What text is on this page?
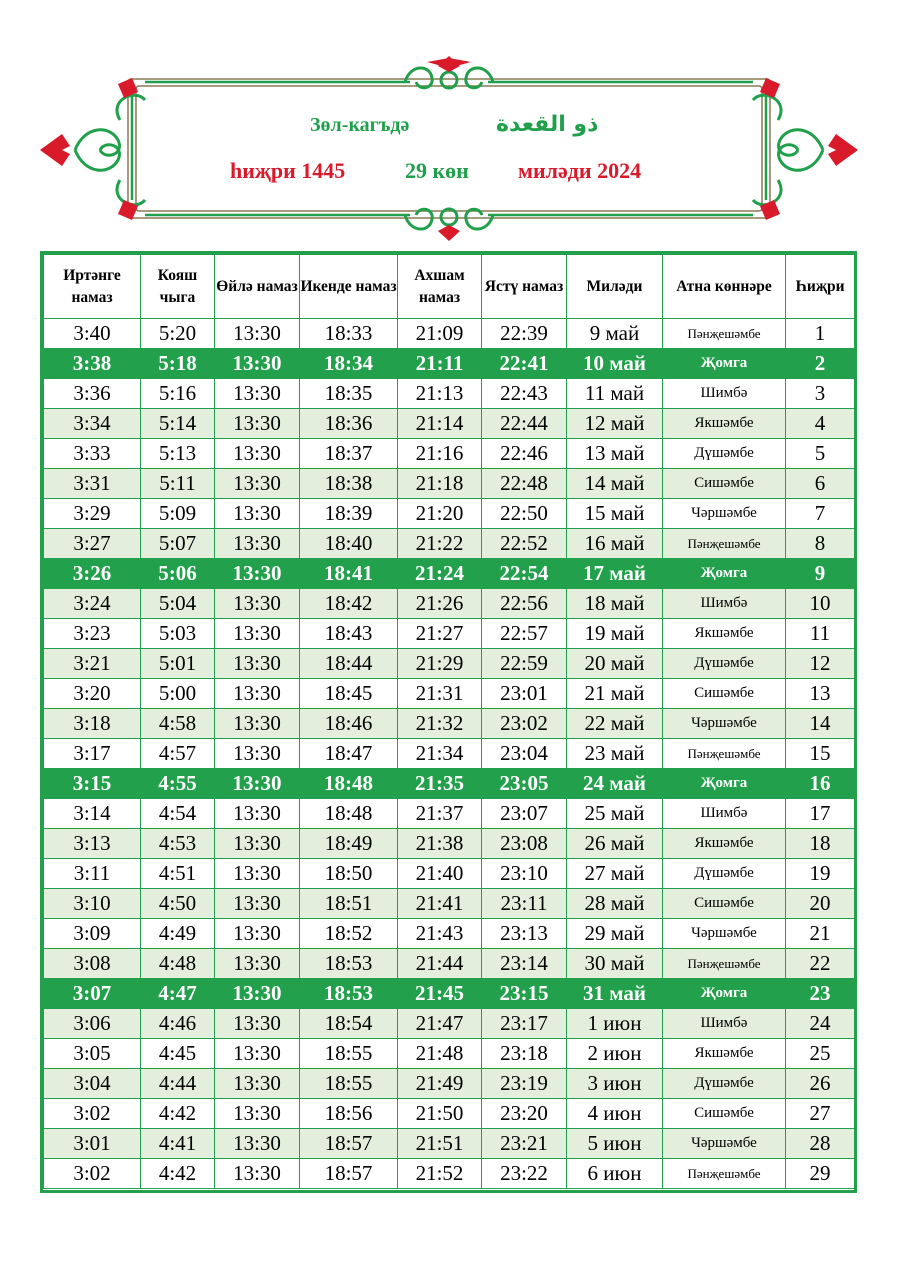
Зөл-кагъдә	ذو القعدة
һиҗри 1445	29 көн миләди 2024
Иртәнге намаз	Кояш чыга	Өйлә намаз	Икенде намаз	Ахшам намаз	Ястү намаз	Миләди	Атна көннәре	Һиҗри
3:40	5:20	13:30	18:33	21:09	22:39	9 май	Пәнҗешәмбе	1
3:38	5:18	13:30	18:34	21:11	22:41	10 май	Җомга	2
3:36	5:16	13:30	18:35	21:13	22:43	11 май	Шимбә	3
3:34	5:14	13:30	18:36	21:14	22:44	12 май	Якшәмбе	4
3:33	5:13	13:30	18:37	21:16	22:46	13 май	Дүшәмбе	5
3:31	5:11	13:30	18:38	21:18	22:48	14 май	Сишәмбе	6
3:29	5:09	13:30	18:39	21:20	22:50	15 май	Чәршәмбе	7
3:27	5:07	13:30	18:40	21:22	22:52	16 май	Пәнҗешәмбе	8
3:26	5:06	13:30	18:41	21:24	22:54	17 май	Җомга	9
3:24	5:04	13:30	18:42	21:26	22:56	18 май	Шимбә	10
3:23	5:03	13:30	18:43	21:27	22:57	19 май	Якшәмбе	11
3:21	5:01	13:30	18:44	21:29	22:59	20 май	Дүшәмбе	12
3:20	5:00	13:30	18:45	21:31	23:01	21 май	Сишәмбе	13
3:18	4:58	13:30	18:46	21:32	23:02	22 май	Чәршәмбе	14
3:17	4:57	13:30	18:47	21:34	23:04	23 май	Пәнҗешәмбе	15
3:15	4:55	13:30	18:48	21:35	23:05	24 май	Җомга	16
3:14	4:54	13:30	18:48	21:37	23:07	25 май	Шимбә	17
3:13	4:53	13:30	18:49	21:38	23:08	26 май	Якшәмбе	18
3:11	4:51	13:30	18:50	21:40	23:10	27 май	Дүшәмбе	19
3:10	4:50	13:30	18:51	21:41	23:11	28 май	Сишәмбе	20
3:09	4:49	13:30	18:52	21:43	23:13	29 май	Чәршәмбе	21
3:08	4:48	13:30	18:53	21:44	23:14	30 май	Пәнҗешәмбе	22
3:07	4:47	13:30	18:53	21:45	23:15	31 май	Җомга	23
3:06	4:46	13:30	18:54	21:47	23:17	1 июн	Шимбә	24
3:05	4:45	13:30	18:55	21:48	23:18	2 июн	Якшәмбе	25
3:04	4:44	13:30	18:55	21:49	23:19	3 июн	Дүшәмбе	26
3:02	4:42	13:30	18:56	21:50	23:20	4 июн	Сишәмбе	27
3:01	4:41	13:30	18:57	21:51	23:21	5 июн	Чәршәмбе	28
3:02	4:42	13:30	18:57	21:52	23:22	6 июн	Пәнҗешәмбе	29
